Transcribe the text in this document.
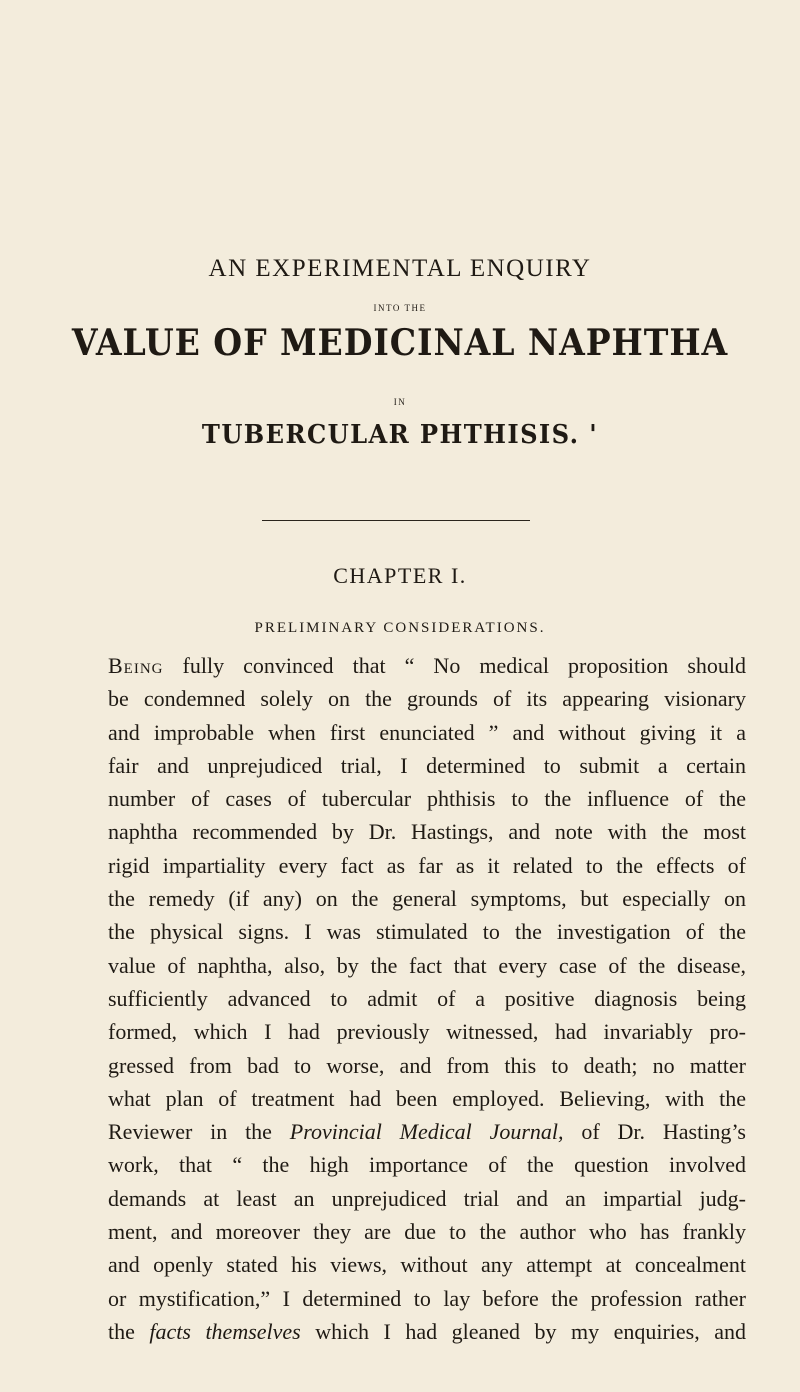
AN EXPERIMENTAL ENQUIRY
INTO THE
VALUE OF MEDICINAL NAPHTHA
IN
TUBERCULAR PHTHISIS. '
CHAPTER I.
PRELIMINARY CONSIDERATIONS.
Being fully convinced that “ No medical proposition should
be condemned solely on the grounds of its appearing visionary
and improbable when first enunciated ” and without giving it a
fair and unprejudiced trial, I determined to submit a certain
number of cases of tubercular phthisis to the influence of the
naphtha recommended by Dr. Hastings, and note with the most
rigid impartiality every fact as far as it related to the effects of
the remedy (if any) on the general symptoms, but especially on
the physical signs. I was stimulated to the investigation of the
value of naphtha, also, by the fact that every case of the disease,
sufficiently advanced to admit of a positive diagnosis being
formed, which I had previously witnessed, had invariably pro-
gressed from bad to worse, and from this to death; no matter
what plan of treatment had been employed. Believing, with the
Reviewer in the Provincial Medical Journal, of Dr. Hasting’s
work, that “ the high importance of the question involved
demands at least an unprejudiced trial and an impartial judg-
ment, and moreover they are due to the author who has frankly
and openly stated his views, without any attempt at concealment
or mystification,” I determined to lay before the profession rather
the facts themselves which I had gleaned by my enquiries, and
